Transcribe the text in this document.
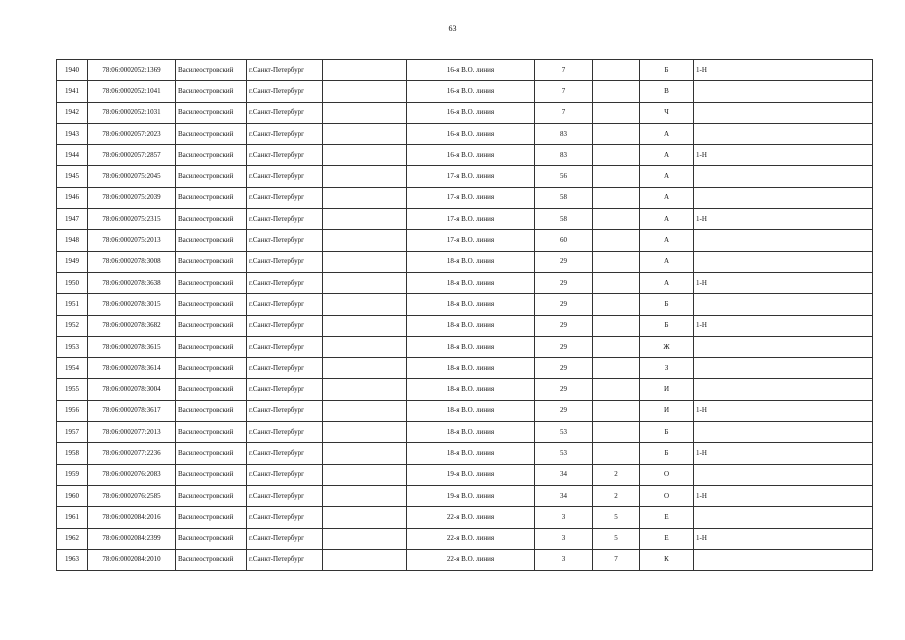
63
1940	78:06:0002052:1369	Василеостровский	г.Санкт-Петербург		16-я В.О. линия	7		Б	1-Н
1941	78:06:0002052:1041	Василеостровский	г.Санкт-Петербург		16-я В.О. линия	7		В	
1942	78:06:0002052:1031	Василеостровский	г.Санкт-Петербург		16-я В.О. линия	7		Ч	
1943	78:06:0002057:2023	Василеостровский	г.Санкт-Петербург		16-я В.О. линия	83		А	
1944	78:06:0002057:2857	Василеостровский	г.Санкт-Петербург		16-я В.О. линия	83		А	1-Н
1945	78:06:0002075:2045	Василеостровский	г.Санкт-Петербург		17-я В.О. линия	56		А	
1946	78:06:0002075:2039	Василеостровский	г.Санкт-Петербург		17-я В.О. линия	58		А	
1947	78:06:0002075:2315	Василеостровский	г.Санкт-Петербург		17-я В.О. линия	58		А	1-Н
1948	78:06:0002075:2013	Василеостровский	г.Санкт-Петербург		17-я В.О. линия	60		А	
1949	78:06:0002078:3008	Василеостровский	г.Санкт-Петербург		18-я В.О. линия	29		А	
1950	78:06:0002078:3638	Василеостровский	г.Санкт-Петербург		18-я В.О. линия	29		А	1-Н
1951	78:06:0002078:3015	Василеостровский	г.Санкт-Петербург		18-я В.О. линия	29		Б	
1952	78:06:0002078:3682	Василеостровский	г.Санкт-Петербург		18-я В.О. линия	29		Б	1-Н
1953	78:06:0002078:3615	Василеостровский	г.Санкт-Петербург		18-я В.О. линия	29		Ж	
1954	78:06:0002078:3614	Василеостровский	г.Санкт-Петербург		18-я В.О. линия	29		З	
1955	78:06:0002078:3004	Василеостровский	г.Санкт-Петербург		18-я В.О. линия	29		И	
1956	78:06:0002078:3617	Василеостровский	г.Санкт-Петербург		18-я В.О. линия	29		И	1-Н
1957	78:06:0002077:2013	Василеостровский	г.Санкт-Петербург		18-я В.О. линия	53		Б	
1958	78:06:0002077:2236	Василеостровский	г.Санкт-Петербург		18-я В.О. линия	53		Б	1-Н
1959	78:06:0002076:2083	Василеостровский	г.Санкт-Петербург		19-я В.О. линия	34	2	О	
1960	78:06:0002076:2585	Василеостровский	г.Санкт-Петербург		19-я В.О. линия	34	2	О	1-Н
1961	78:06:0002084:2016	Василеостровский	г.Санкт-Петербург		22-я В.О. линия	3	5	Е	
1962	78:06:0002084:2399	Василеостровский	г.Санкт-Петербург		22-я В.О. линия	3	5	Е	1-Н
1963	78:06:0002084:2010	Василеостровский	г.Санкт-Петербург		22-я В.О. линия	3	7	К	
